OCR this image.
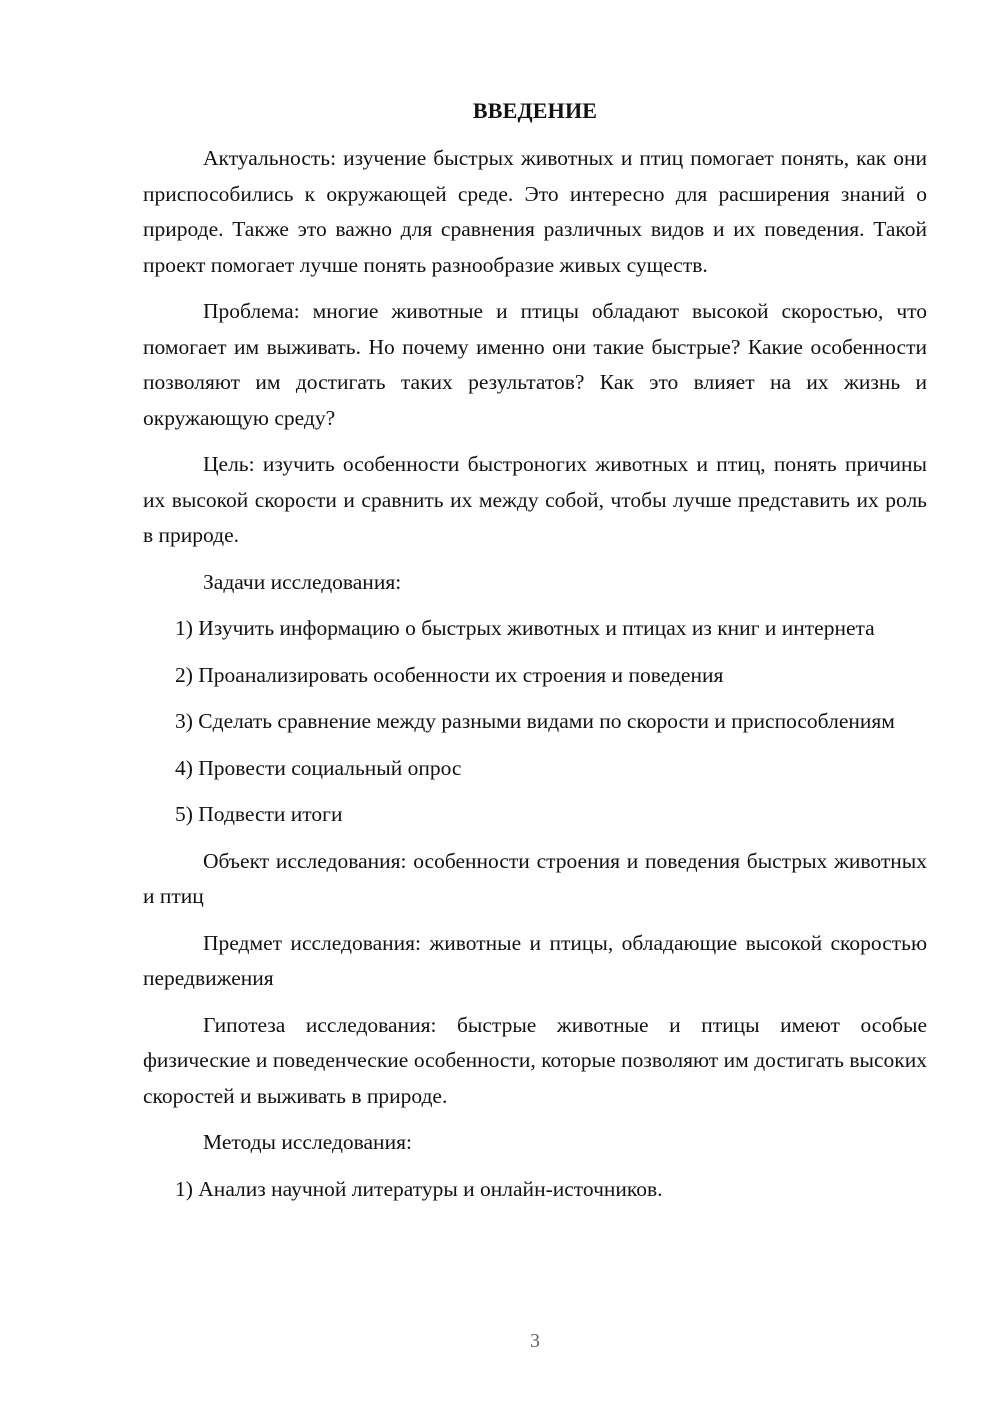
ВВЕДЕНИЕ

Актуальность: изучение быстрых животных и птиц помогает понять, как они приспособились к окружающей среде. Это интересно для расширения знаний о природе. Также это важно для сравнения различных видов и их поведения. Такой проект помогает лучше понять разнообразие живых существ.

Проблема: многие животные и птицы обладают высокой скоростью, что помогает им выживать. Но почему именно они такие быстрые? Какие особенности позволяют им достигать таких результатов? Как это влияет на их жизнь и окружающую среду?

Цель: изучить особенности быстроногих животных и птиц, понять причины их высокой скорости и сравнить их между собой, чтобы лучше представить их роль в природе.

Задачи исследования:

1) Изучить информацию о быстрых животных и птицах из книг и интернета

2) Проанализировать особенности их строения и поведения

3) Сделать сравнение между разными видами по скорости и приспособлениям

4) Провести социальный опрос

5) Подвести итоги

Объект исследования: особенности строения и поведения быстрых животных и птиц

Предмет исследования: животные и птицы, обладающие высокой скоростью передвижения

Гипотеза исследования: быстрые животные и птицы имеют особые физические и поведенческие особенности, которые позволяют им достигать высоких скоростей и выживать в природе.

Методы исследования:

1) Анализ научной литературы и онлайн-источников.

3
